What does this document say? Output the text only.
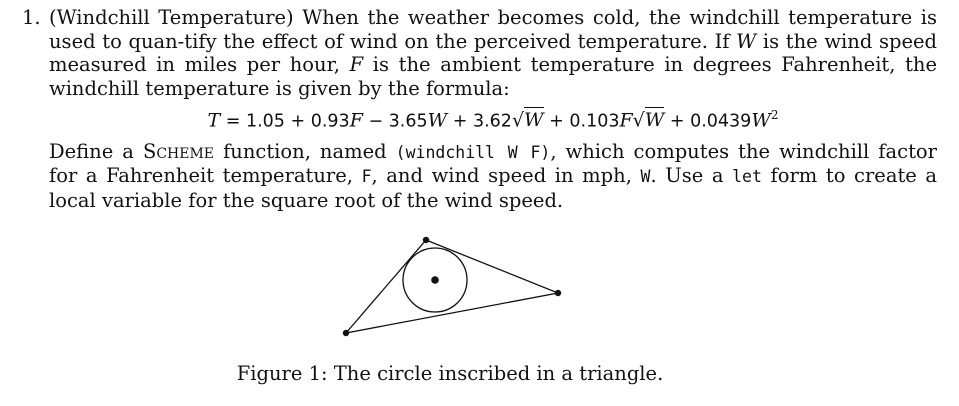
1. (Windchill Temperature) When the weather becomes cold, the windchill temperature is used to quan-tify the effect of wind on the perceived temperature. If W is the wind speed measured in miles per hour, F is the ambient temperature in degrees Fahrenheit, the windchill temperature is given by the formula:

$T = 1.05 + 0.93F - 3.65W + 3.62√W + 0.103F√W + 0.0439W^2$

Define a Scheme function, named (windchill W F), which computes the windchill factor for a Fahrenheit temperature, F, and wind speed in mph, W. Use a let form to create a local variable for the square root of the wind speed.

Figure 1: The circle inscribed in a triangle.
